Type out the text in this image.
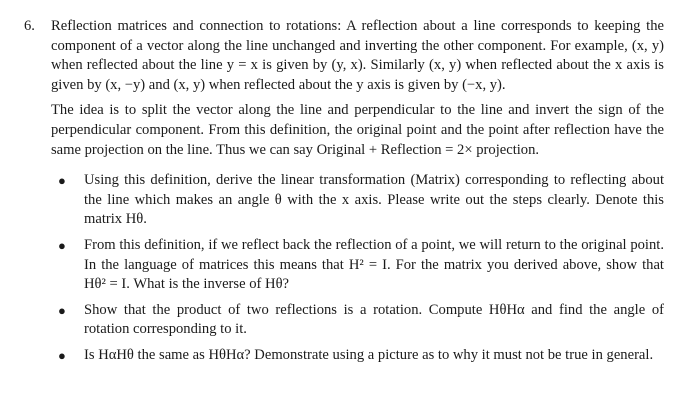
6.	Reflection matrices and connection to rotations: A reflection about a line corresponds to keeping the component of a vector along the line unchanged and inverting the other component. For example, (x, y) when reflected about the line y = x is given by (y, x). Similarly (x, y) when reflected about the x axis is given by (x, −y) and (x, y) when reflected about the y axis is given by (−x, y).

The idea is to split the vector along the line and perpendicular to the line and invert the sign of the perpendicular component. From this definition, the original point and the point after reflection have the same projection on the line. Thus we can say Original + Reflection = 2× projection.

● Using this definition, derive the linear transformation (Matrix) corresponding to reflecting about the line which makes an angle θ with the x axis. Please write out the steps clearly. Denote this matrix Hθ.
● From this definition, if we reflect back the reflection of a point, we will return to the original point. In the language of matrices this means that H² = I. For the matrix you derived above, show that Hθ² = I. What is the inverse of Hθ?
● Show that the product of two reflections is a rotation. Compute HθHα and find the angle of rotation corresponding to it.
● Is HαHθ the same as HθHα? Demonstrate using a picture as to why it must not be true in general.
